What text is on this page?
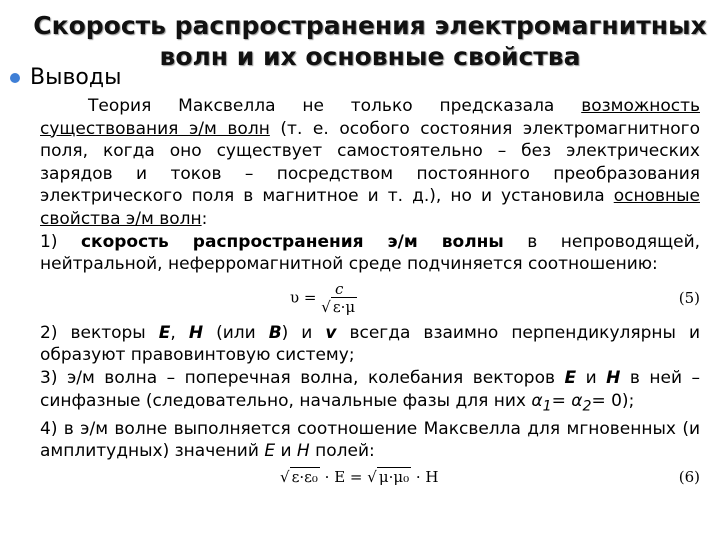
Скорость распространения электромагнитных
волн и их основные свойства
Выводы

Теория Максвелла не только предсказала возможность существования э/м волн (т. е. особого состояния электромагнитного поля, когда оно существует самостоятельно – без электрических зарядов и токов – посредством постоянного преобразования электрического поля в магнитное и т. д.), но и установила основные свойства э/м волн:

1) скорость распространения э/м волны в непроводящей, нейтральной, неферромагнитной среде подчиняется соотношению:

$\upsilon = \frac{c}{√ \varepsilon\cdot\mu}$	(5)

2) векторы E, H (или B) и v всегда взаимно перпендикулярны и образуют правовинтовую систему;

3) э/м волна – поперечная волна, колебания векторов E и H в ней – синфазные (следовательно, начальные фазы для них $\alpha_1= \alpha_2= 0$);

4) в э/м волне выполняется соотношение Максвелла для мгновенных (и амплитудных) значений E и H полей:

√ ε·ε₀ · E = √ μ·μ₀ · H	(6)
